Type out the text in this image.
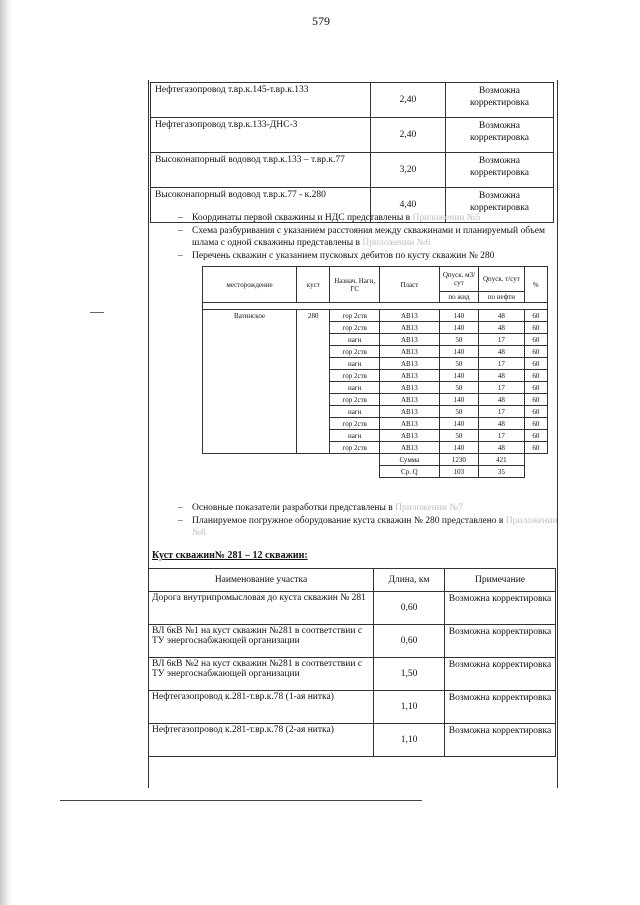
579
Нефтегазопровод т.вр.к.145-т.вр.к.133	2,40	Возможна корректировка
Нефтегазопровод т.вр.к.133-ДНС-3	2,40	Возможна корректировка
Высоконапорный водовод т.вр.к.133 – т.вр.к.77	3,20	Возможна корректировка
Высоконапорный водовод т.вр.к.77 - к.280	4,40	Возможна корректировка
– Координаты первой скважины и НДС представлены в Приложении №5
– Схема разбуривания с указанием расстояния между скважинами и планируемый объем шлама с одной скважины представлены в Приложении №6
– Перечень скважин с указанием пусковых дебитов по кусту скважин № 280
месторождение	куст	Назнач. Нагн, ГС	Пласт	Qпуск. м3/сут	Qпуск. т/сут	%
				по жид	по нефти	

Ватинское	280	гор 2ств	АВ13	140	48	60
		гор 2ств	АВ13	140	48	60
		нагн	АВ13	50	17	60
		гор 2ств	АВ13	140	48	60
		нагн	АВ13	50	17	60
		гор 2ств	АВ13	140	48	60
		нагн	АВ13	50	17	60
		гор 2ств	АВ13	140	48	60
		нагн	АВ13	50	17	60
		гор 2ств	АВ13	140	48	60
		нагн	АВ13	50	17	60
		гор 2ств	АВ13	140	48	60
			Сумма	1230	421	
			Ср. Q	103	35	
– Основные показатели разработки представлены в Приложении №7
– Планируемое погружное оборудование куста скважин № 280 представлено в Приложении №8
Куст скважин№ 281 – 12 скважин:
Наименование участка	Длина, км	Примечание
Дорога внутрипромысловая до куста скважин № 281	0,60	Возможна корректировка
ВЛ 6кВ №1 на куст скважин №281 в соответствии с ТУ энергоснабжающей организации	0,60	Возможна корректировка
ВЛ 6кВ №2 на куст скважин №281 в соответствии с ТУ энергоснабжающей организации	1,50	Возможна корректировка
Нефтегазопровод к.281-т.вр.к.78 (1-ая нитка)	1,10	Возможна корректировка
Нефтегазопровод к.281-т.вр.к.78 (2-ая нитка)	1,10	Возможна корректировка
